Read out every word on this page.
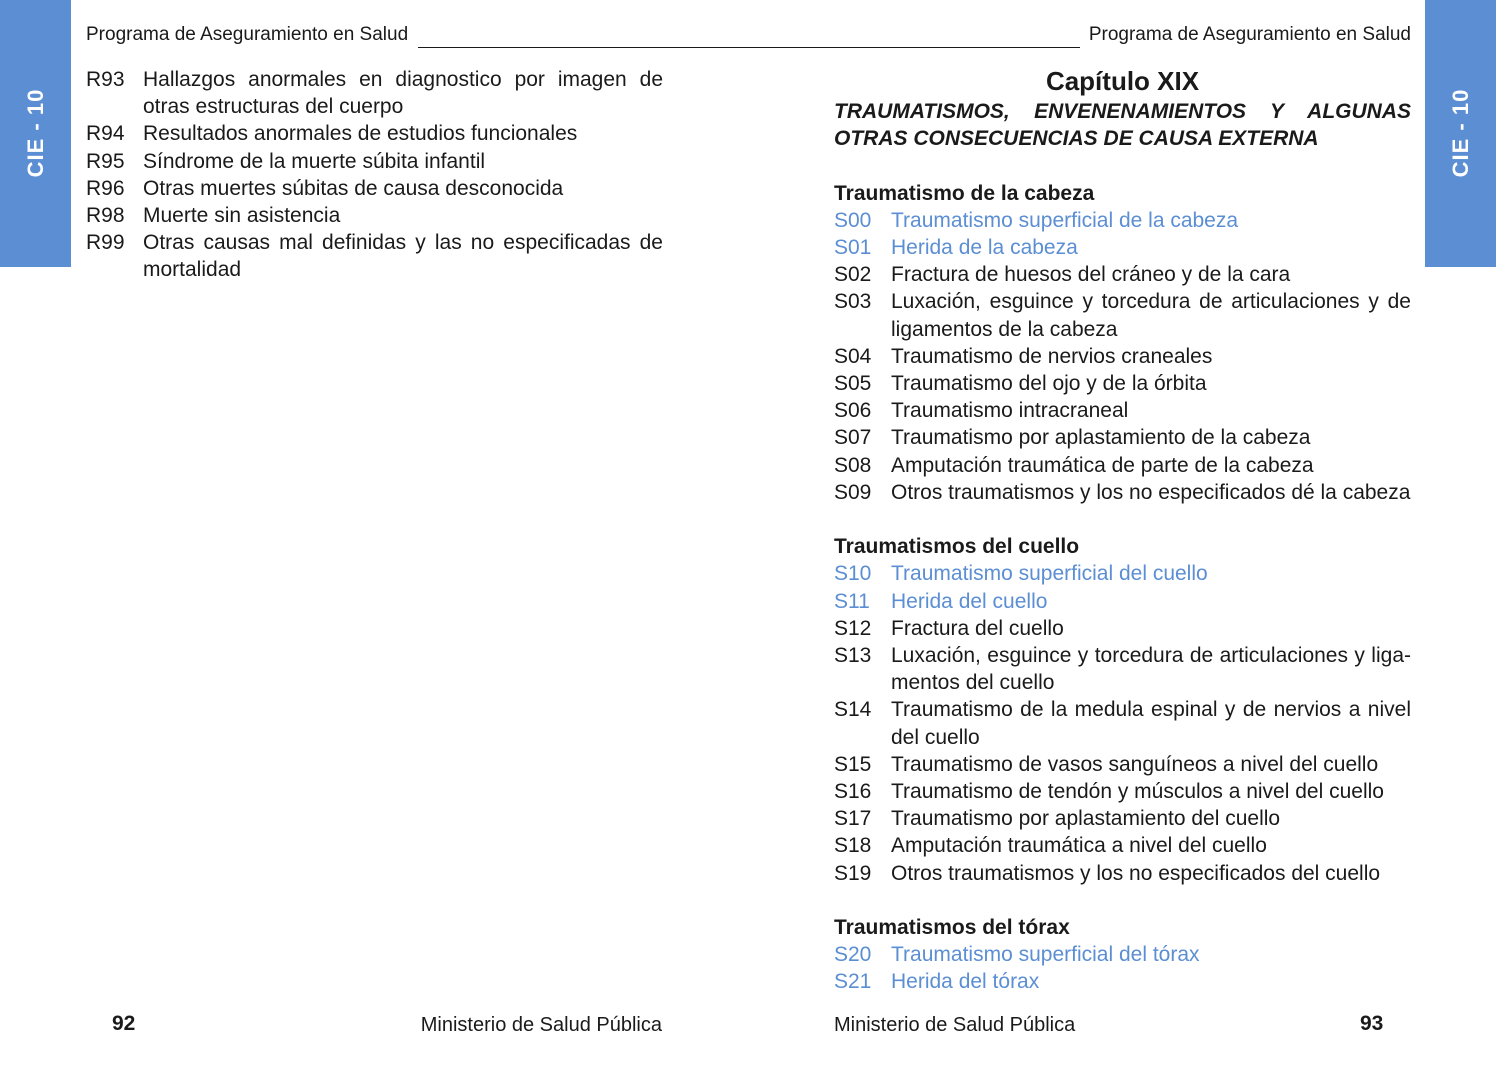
CIE - 10	CIE - 10
Programa de Aseguramiento en Salud	Programa de Aseguramiento en Salud
R93 Hallazgos anormales en diagnostico por imagen de otras estructuras del cuerpo
R94 Resultados anormales de estudios funcionales
R95 Síndrome de la muerte súbita infantil
R96 Otras muertes súbitas de causa desconocida
R98 Muerte sin asistencia
R99 Otras causas mal definidas y las no especificadas de mortalidad
Capítulo XIX
TRAUMATISMOS, ENVENENAMIENTOS Y ALGUNAS OTRAS CONSECUENCIAS DE CAUSA EXTERNA
Traumatismo de la cabeza
S00 Traumatismo superficial de la cabeza
S01 Herida de la cabeza
S02 Fractura de huesos del cráneo y de la cara
S03 Luxación, esguince y torcedura de articulaciones y de ligamentos de la cabeza
S04 Traumatismo de nervios craneales
S05 Traumatismo del ojo y de la órbita
S06 Traumatismo intracraneal
S07 Traumatismo por aplastamiento de la cabeza
S08 Amputación traumática de parte de la cabeza
S09 Otros traumatismos y los no especificados dé la cabeza
Traumatismos del cuello
S10 Traumatismo superficial del cuello
S11	Herida del cuello
S12 Fractura del cuello
S13 Luxación, esguince y torcedura de articulaciones y liga-mentos del cuello
S14 Traumatismo de la medula espinal y de nervios a nivel del cuello
S15 Traumatismo de vasos sanguíneos a nivel del cuello
S16 Traumatismo de tendón y músculos a nivel del cuello
S17 Traumatismo por aplastamiento del cuello
S18 Amputación traumática a nivel del cuello
S19 Otros traumatismos y los no especificados del cuello
Traumatismos del tórax
S20 Traumatismo superficial del tórax
S21 Herida del tórax
92	Ministerio de Salud Pública	Ministerio de Salud Pública	93
